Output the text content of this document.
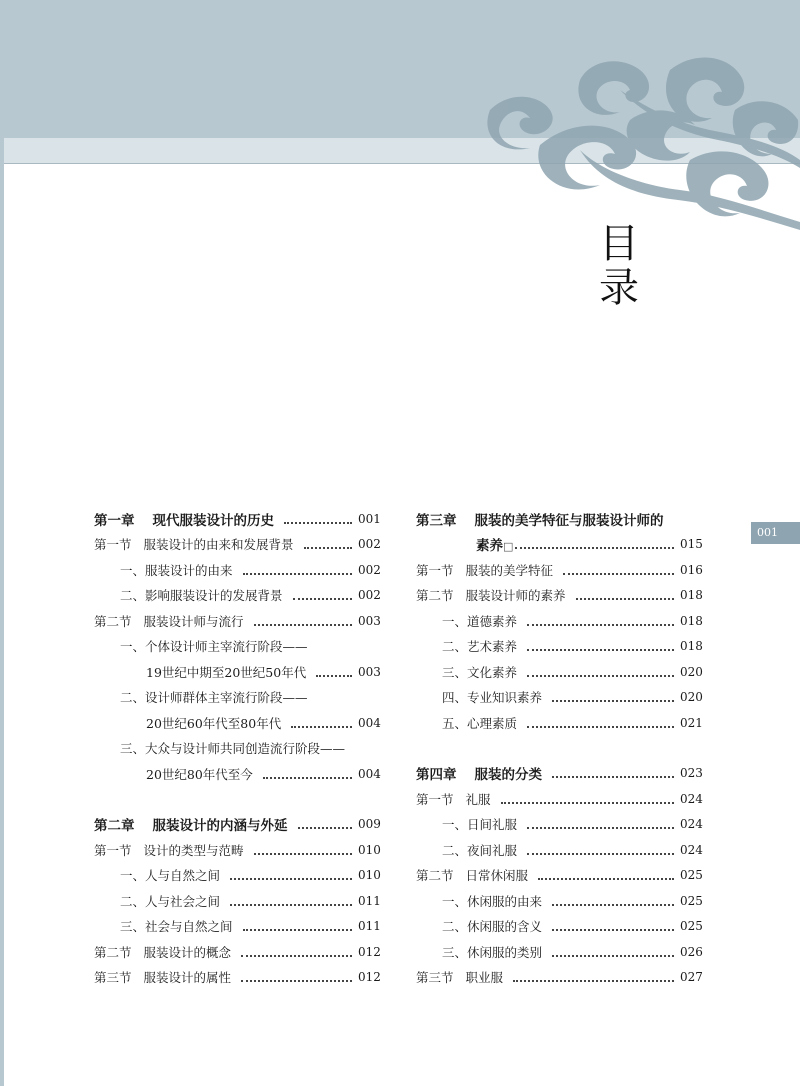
目
录
001
第一章 现代服装设计的历史	001
第一节 服装设计的由来和发展背景	002
一、服装设计的由来	002
二、影响服装设计的发展背景	002
第二节 服装设计师与流行	003
一、个体设计师主宰流行阶段——
19世纪中期至20世纪50年代	003
二、设计师群体主宰流行阶段——
20世纪60年代至80年代	004
三、大众与设计师共同创造流行阶段——
20世纪80年代至今	004
第二章 服装设计的内涵与外延	009
第一节 设计的类型与范畴	010
一、人与自然之间	010
二、人与社会之间	011
三、社会与自然之间	011
第二节 服装设计的概念	012
第三节 服装设计的属性	012
第三章 服装的美学特征与服装设计师的
素养□	015
第一节 服装的美学特征	016
第二节 服装设计师的素养	018
一、道德素养	018
二、艺术素养	018
三、文化素养	020
四、专业知识素养	020
五、心理素质	021
第四章 服装的分类	023
第一节 礼服	024
一、日间礼服	024
二、夜间礼服	024
第二节 日常休闲服	025
一、休闲服的由来	025
二、休闲服的含义	025
三、休闲服的类别	026
第三节 职业服	027
